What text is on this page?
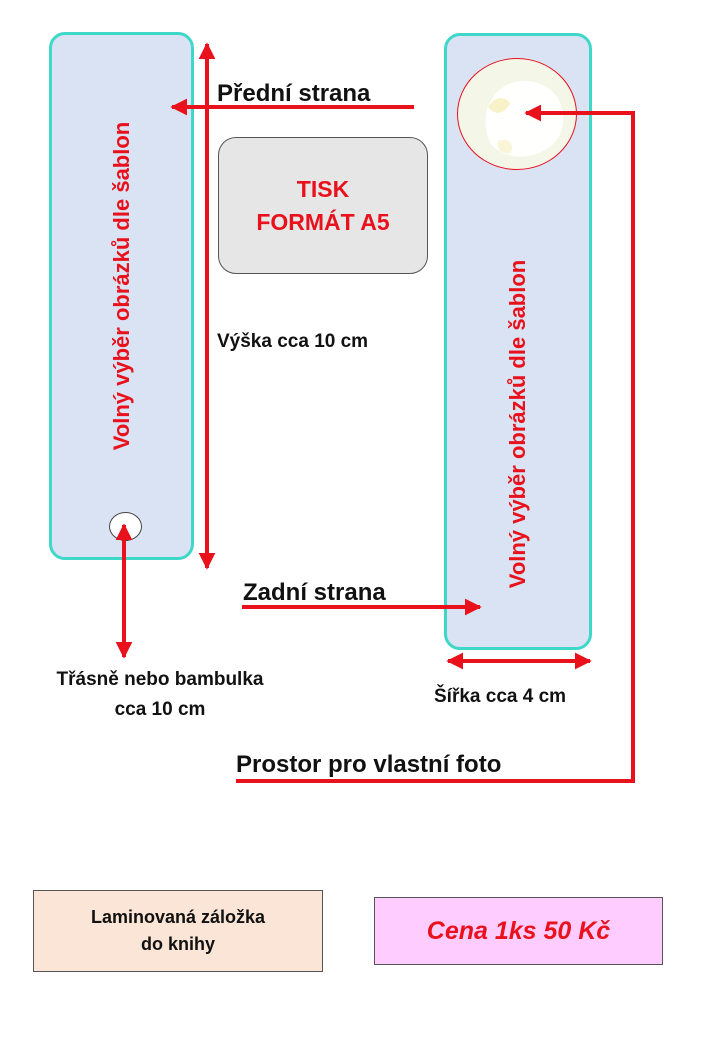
Volný výběr obrázků dle šablon	Volný výběr obrázků dle šablon
TISK
FORMÁT A5
Přední strana
Výška cca 10 cm
Zadní strana
Šířka cca 4 cm
Třásně nebo bambulka
cca 10 cm
Prostor pro vlastní foto
Laminovaná záložka
do knihy	Cena 1ks 50 Kč
